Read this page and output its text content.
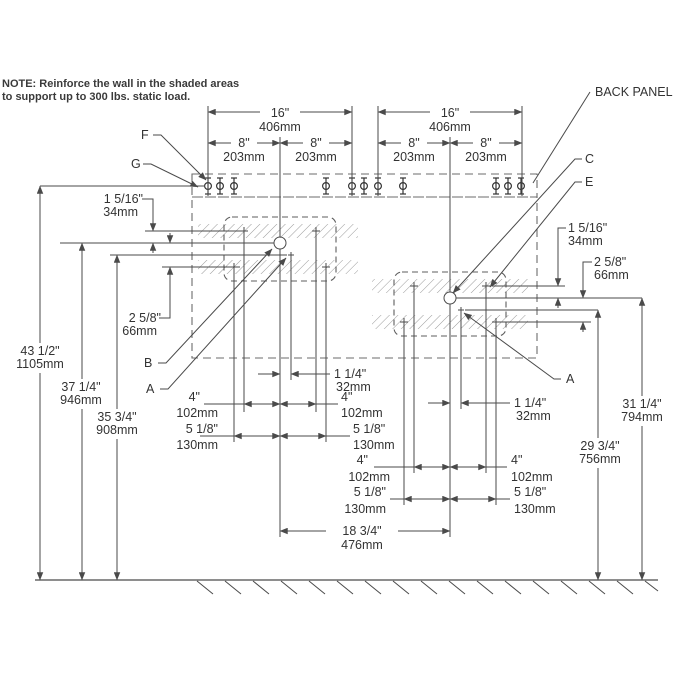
NOTE: Reinforce the wall in the shaded areas
to support up to 300 lbs. static load.	BACK PANEL
F
G
B
A
C
E
A
16"
406mm
16"
406mm
8"
203mm
8"
203mm
8"
203mm
8"
203mm
1 5/16"
34mm
2 5/8"
66mm
1 5/16"
34mm
2 5/8"
66mm
43 1/2"
1105mm
37 1/4"
946mm
35 3/4"
908mm
31 1/4"
794mm
29 3/4"
756mm
1 1/4"
32mm
4"
102mm
4"
102mm
5 1/8"
130mm
5 1/8"
130mm
1 1/4"
32mm
4"
102mm
4"
102mm
5 1/8"
130mm
5 1/8"
130mm
18 3/4"
476mm
